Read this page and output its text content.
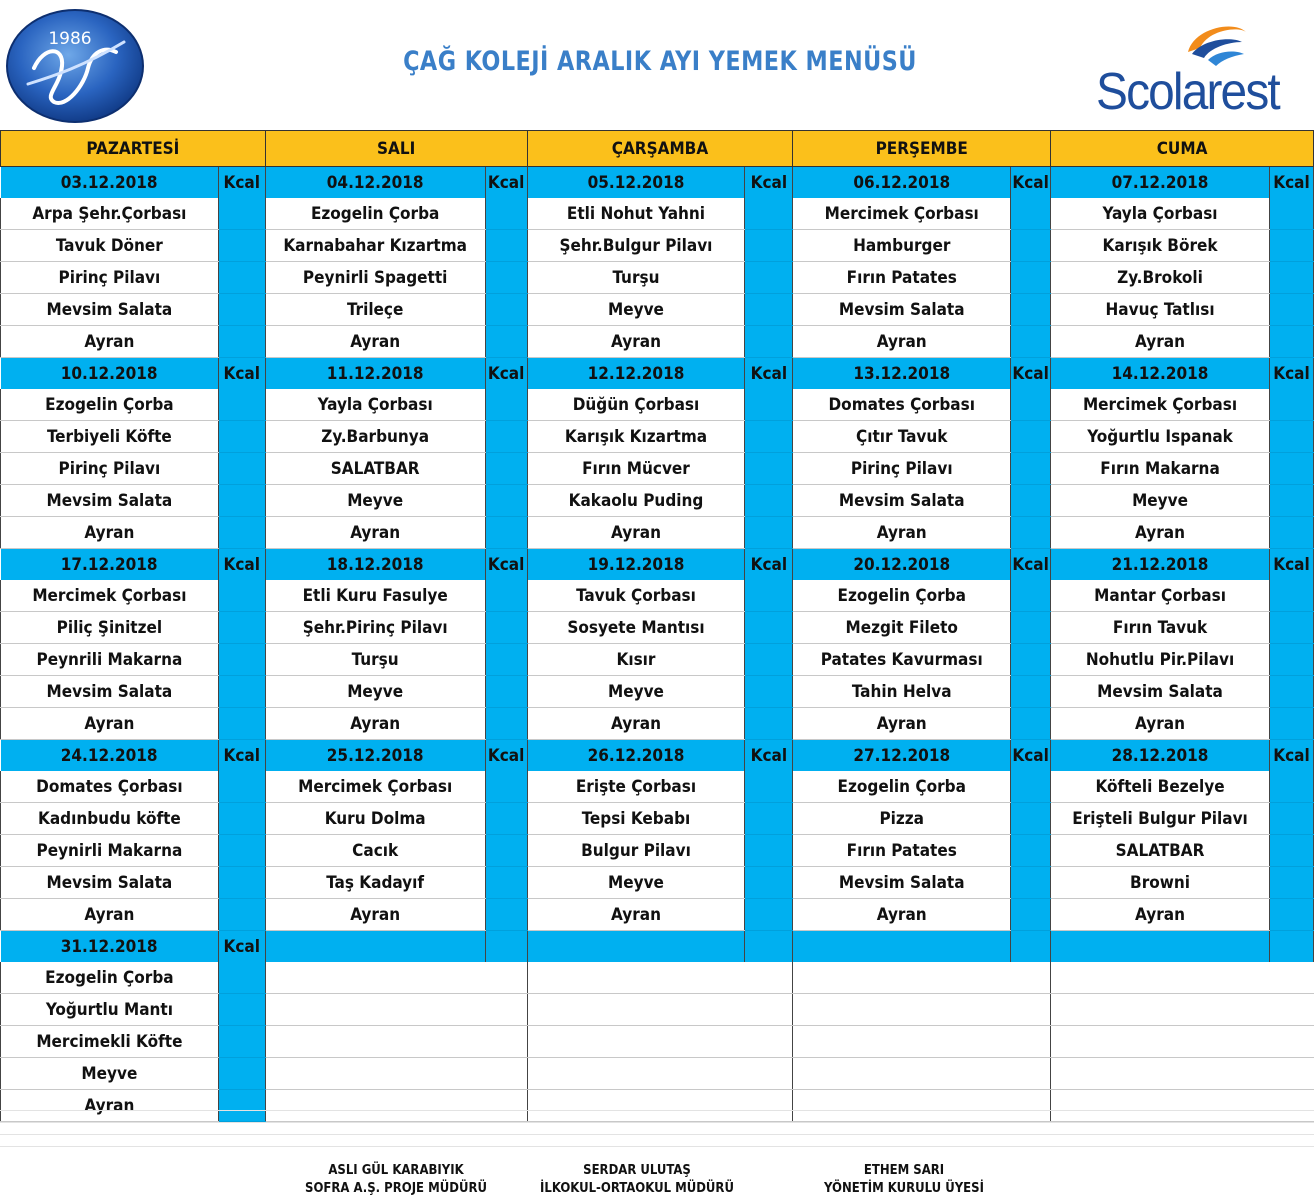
1986
ÇAĞ KOLEJİ ARALIK AYI YEMEK MENÜSÜ
Scolarest
PAZARTESİ		SALI		ÇARŞAMBA		PERŞEMBE		CUMA	
03.12.2018	Kcal	04.12.2018	Kcal	05.12.2018	Kcal	06.12.2018	Kcal	07.12.2018	Kcal
Arpa Şehr.Çorbası		Ezogelin Çorba		Etli Nohut Yahni		Mercimek Çorbası		Yayla Çorbası	
Tavuk Döner		Karnabahar Kızartma		Şehr.Bulgur Pilavı		Hamburger		Karışık Börek	
Pirinç Pilavı		Peynirli Spagetti		Turşu		Fırın Patates		Zy.Brokoli	
Mevsim Salata		Trileçe		Meyve		Mevsim Salata		Havuç Tatlısı	
Ayran		Ayran		Ayran		Ayran		Ayran	
10.12.2018	Kcal	11.12.2018	Kcal	12.12.2018	Kcal	13.12.2018	Kcal	14.12.2018	Kcal
Ezogelin Çorba		Yayla Çorbası		Düğün Çorbası		Domates Çorbası		Mercimek Çorbası	
Terbiyeli Köfte		Zy.Barbunya		Karışık Kızartma		Çıtır Tavuk		Yoğurtlu Ispanak	
Pirinç Pilavı		SALATBAR		Fırın Mücver		Pirinç Pilavı		Fırın Makarna	
Mevsim Salata		Meyve		Kakaolu Puding		Mevsim Salata		Meyve	
Ayran		Ayran		Ayran		Ayran		Ayran	
17.12.2018	Kcal	18.12.2018	Kcal	19.12.2018	Kcal	20.12.2018	Kcal	21.12.2018	Kcal
Mercimek Çorbası		Etli Kuru Fasulye		Tavuk Çorbası		Ezogelin Çorba		Mantar Çorbası	
Piliç Şinitzel		Şehr.Pirinç Pilavı		Sosyete Mantısı		Mezgit Fileto		Fırın Tavuk	
Peynrili Makarna		Turşu		Kısır		Patates Kavurması		Nohutlu Pir.Pilavı	
Mevsim Salata		Meyve		Meyve		Tahin Helva		Mevsim Salata	
Ayran		Ayran		Ayran		Ayran		Ayran	
24.12.2018	Kcal	25.12.2018	Kcal	26.12.2018	Kcal	27.12.2018	Kcal	28.12.2018	Kcal
Domates Çorbası		Mercimek Çorbası		Erişte Çorbası		Ezogelin Çorba		Köfteli Bezelye	
Kadınbudu köfte		Kuru Dolma		Tepsi Kebabı		Pizza		Erişteli Bulgur Pilavı	
Peynirli Makarna		Cacık		Bulgur Pilavı		Fırın Patates		SALATBAR	
Mevsim Salata		Taş Kadayıf		Meyve		Mevsim Salata		Browni	
Ayran		Ayran		Ayran		Ayran		Ayran	
31.12.2018	Kcal								
Ezogelin Çorba									
Yoğurtlu Mantı									
Mercimekli Köfte									
Meyve									
Ayran									
ASLI GÜL KARABIYIK
SOFRA A.Ş. PROJE MÜDÜRÜ
SERDAR ULUTAŞ
İLKOKUL-ORTAOKUL MÜDÜRÜ
ETHEM SARI
YÖNETİM KURULU ÜYESİ
